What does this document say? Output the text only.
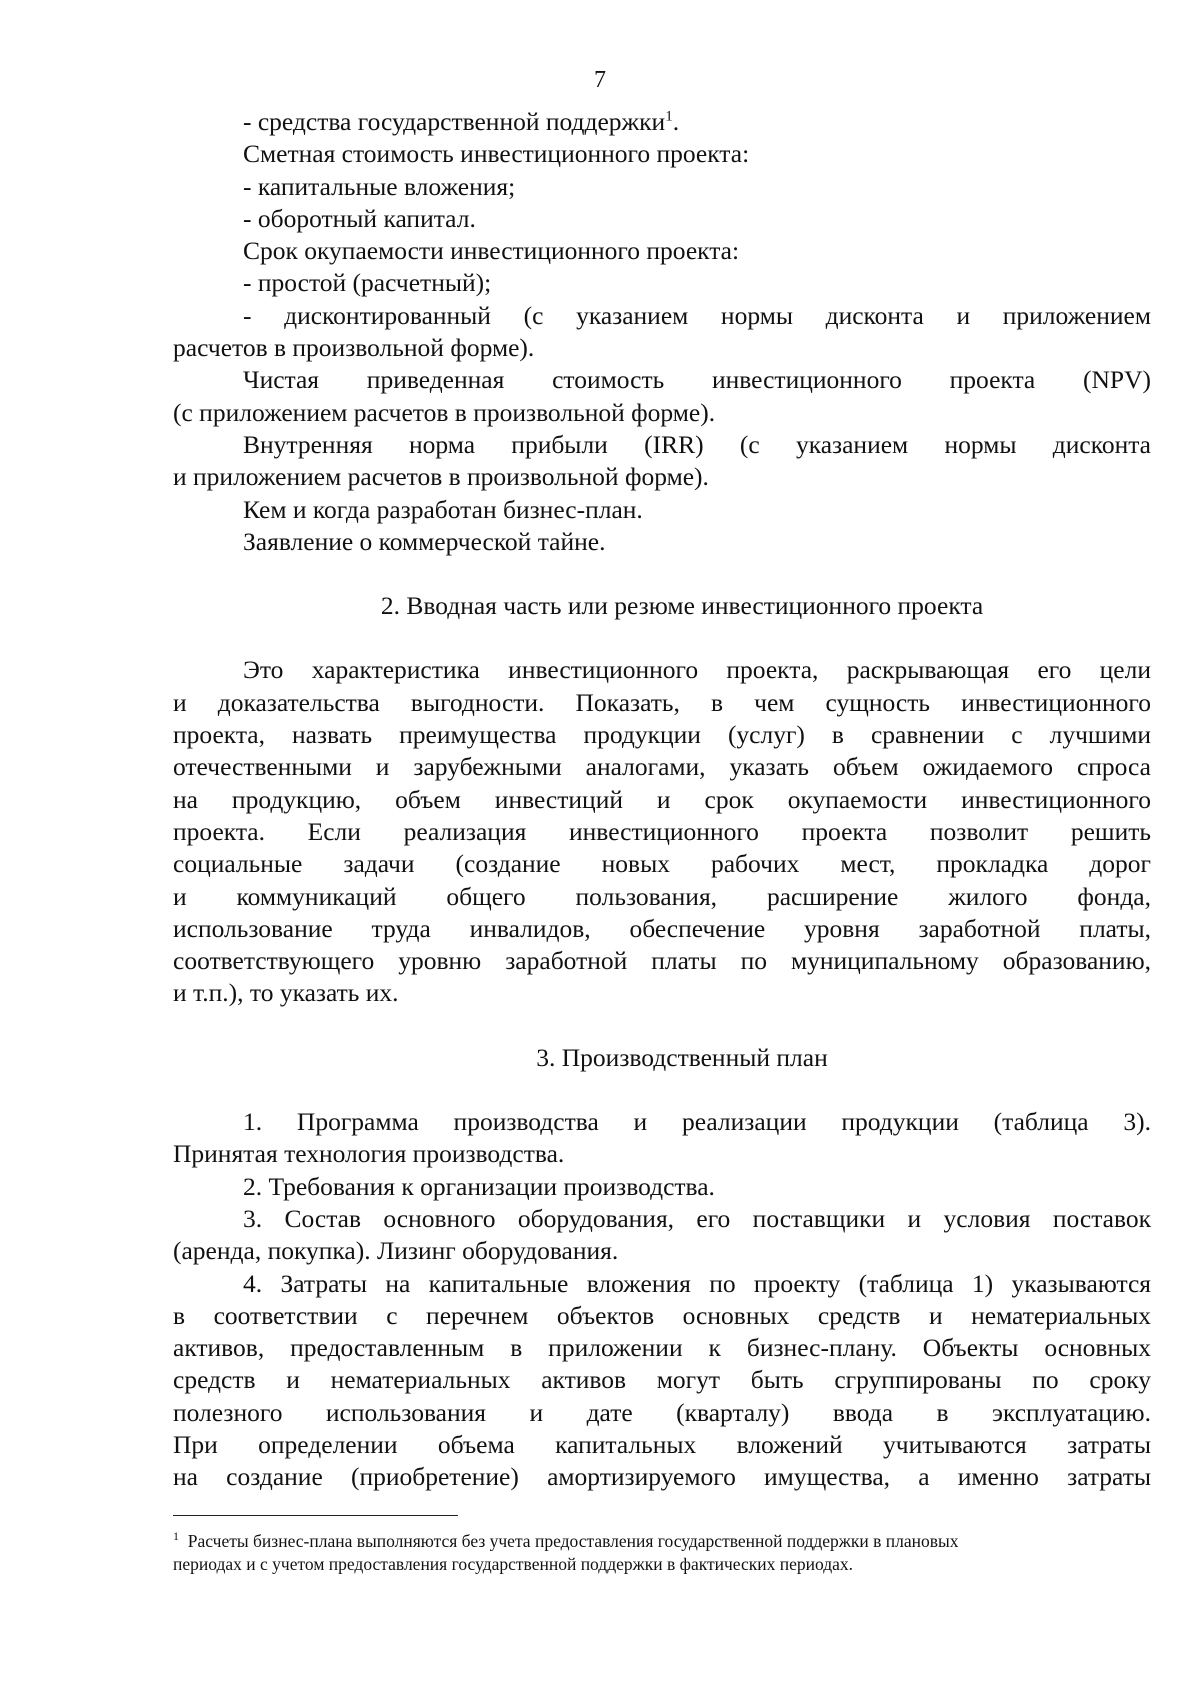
7
- средства государственной поддержки$^1$.
Сметная стоимость инвестиционного проекта:
- капитальные вложения;
- оборотный капитал.
Срок окупаемости инвестиционного проекта:
- простой (расчетный);
- дисконтированный (с указанием нормы дисконта и приложением
расчетов в произвольной форме).
Чистая приведенная стоимость инвестиционного проекта (NPV)
(с приложением расчетов в произвольной форме).
Внутренняя норма прибыли (IRR) (с указанием нормы дисконта
и приложением расчетов в произвольной форме).
Кем и когда разработан бизнес-план.
Заявление о коммерческой тайне.
2. Вводная часть или резюме инвестиционного проекта
Это характеристика инвестиционного проекта, раскрывающая его цели
и доказательства выгодности. Показать, в чем сущность инвестиционного
проекта, назвать преимущества продукции (услуг) в сравнении с лучшими
отечественными и зарубежными аналогами, указать объем ожидаемого спроса
на продукцию, объем инвестиций и срок окупаемости инвестиционного
проекта. Если реализация инвестиционного проекта позволит решить
социальные задачи (создание новых рабочих мест, прокладка дорог
и коммуникаций общего пользования, расширение жилого фонда,
использование труда инвалидов, обеспечение уровня заработной платы,
соответствующего уровню заработной платы по муниципальному образованию,
и т.п.), то указать их.
3. Производственный план
1. Программа производства и реализации продукции (таблица 3).
Принятая технология производства.
2. Требования к организации производства.
3. Состав основного оборудования, его поставщики и условия поставок
(аренда, покупка). Лизинг оборудования.
4. Затраты на капитальные вложения по проекту (таблица 1) указываются
в соответствии с перечнем объектов основных средств и нематериальных
активов, предоставленным в приложении к бизнес-плану. Объекты основных
средств и нематериальных активов могут быть сгруппированы по сроку
полезного использования и дате (кварталу) ввода в эксплуатацию.
При определении объема капитальных вложений учитываются затраты
на создание (приобретение) амортизируемого имущества, а именно затраты
$^1$ Расчеты бизнес-плана выполняются без учета предоставления государственной поддержки в плановых
периодах и с учетом предоставления государственной поддержки в фактических периодах.
